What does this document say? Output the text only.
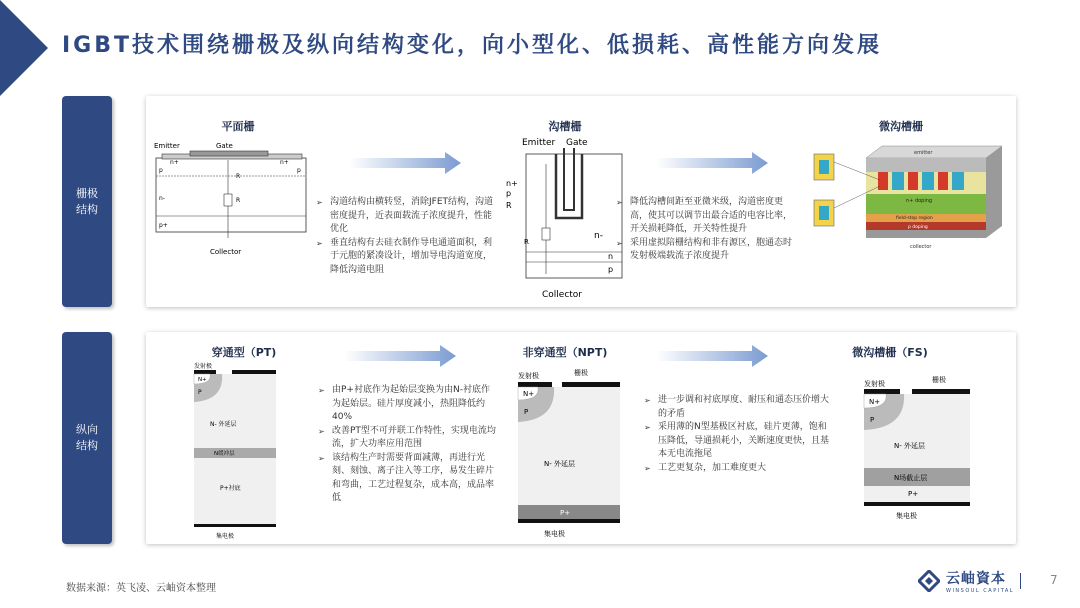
IGBT技术围绕栅极及纵向结构变化，向小型化、低损耗、高性能方向发展
栅极
结构
平面栅	沟槽栅	微沟槽栅
Emitter	Gate
p
n+	n+
p
n-
p+
R
R
Collector
➢ 沟道结构由横转竖，消除JFET结构，沟道密度提升，近表面载流子浓度提升，性能优化
➢ 垂直结构有去硅衣制作导电通道面积，利于元胞的紧凑设计，增加导电沟道宽度，降低沟道电阻
Emitter Gate
n+
p
R
n-
R
n
p
Collector
➢ 降低沟槽间距至亚微米级，沟道密度更高，使其可以调节出最合适的电容比率，开关损耗降低，开关特性提升
➢ 采用虚拟陪栅结构和非有源区，胞通态时发射极端载流子浓度提升
emitter
n+ doping
field-stop region
p doping
collector
纵向
结构
穿通型（PT)	非穿通型（NPT)	微沟槽栅（FS)
发射极
N+
P
N- 外延层
N缓冲层
P+衬底
集电极
➢ 由P+衬底作为起始层变换为由N-衬底作为起始层。硅片厚度减小，热阻降低约40%
➢ 改善PT型不可并联工作特性，实现电流均流，扩大功率应用范围
➢ 该结构生产时需要背面减薄，再进行光刻、刻蚀、离子注入等工序，易发生碎片和弯曲，工艺过程复杂，成本高，成品率低
发射极	栅极
N+
P
N- 外延层
P+
集电极
➢ 进一步调和衬底厚度、耐压和通态压价增大的矛盾
➢ 采用薄的N型基极区衬底，硅片更薄，饱和压降低，导通损耗小，关断速度更快，且基本无电流拖尾
➢ 工艺更复杂，加工难度更大
发射极	栅极
N+
P
N- 外延层
N场截止层
P+
集电极
数据来源：英飞凌、云岫资本整理
云岫資本
WINSOUL CAPITAL
7
